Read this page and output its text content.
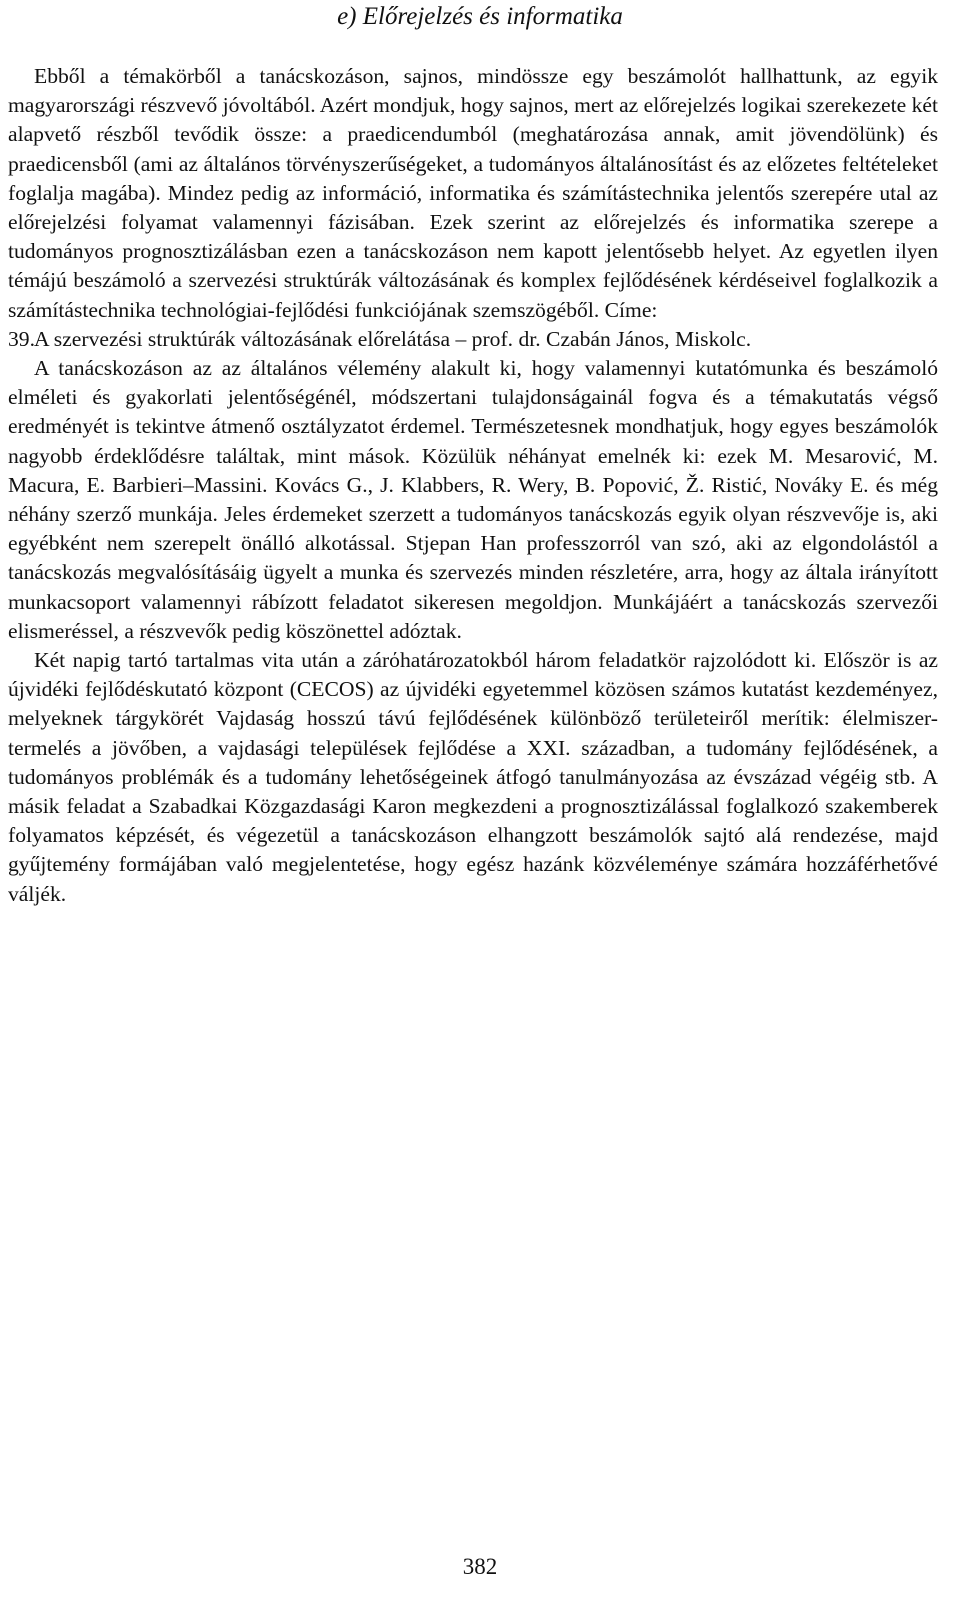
e) Előrejelzés és informatika

Ebből a témakörből a tanácskozáson, sajnos, mindössze egy beszámolót hallhattunk, az egyik magyarországi részvevő jóvoltából. Azért mondjuk, hogy sajnos, mert az előrejelzés logikai szerekezete két alapvető részből tevődik össze: a praedicendumból (meghatározása annak, amit jövendölünk) és praedicensből (ami az általános törvényszerűségeket, a tudományos általánosítást és az előzetes feltételeket foglalja magába). Mindez pedig az információ, informatika és számítástechnika jelentős szerepére utal az előrejelzési folyamat valamennyi fázisában. Ezek szerint az előrejelzés és informatika szerepe a tudományos prognosztizálásban ezen a tanácskozáson nem kapott jelentősebb helyet. Az egyetlen ilyen témájú beszámoló a szervezési struktúrák változásának és komplex fejlődésének kérdéseivel foglalkozik a számítástechnika technológiai-fejlődési funkciójának szemszögéből. Címe:

39.A szervezési struktúrák változásának előrelátása – prof. dr. Czabán János, Miskolc.

A tanácskozáson az az általános vélemény alakult ki, hogy valamennyi kutatómunka és beszámoló elméleti és gyakorlati jelentőségénél, módszertani tulajdonságainál fogva és a témakutatás végső eredményét is tekintve átmenő osztályzatot érdemel. Természetesnek mondhatjuk, hogy egyes beszámolók nagyobb érdeklődésre találtak, mint mások. Közülük néhányat emelnék ki: ezek M. Mesarović, M. Macura, E. Barbieri–Massini. Kovács G., J. Klabbers, R. Wery, B. Popović, Ž. Ristić, Nováky E. és még néhány szerző munkája. Jeles érdemeket szerzett a tudományos tanácskozás egyik olyan részvevője is, aki egyébként nem szerepelt önálló alkotással. Stjepan Han professzorról van szó, aki az elgondolástól a tanácskozás megvalósításáig ügyelt a munka és szervezés minden részletére, arra, hogy az általa irányított munkacsoport valamennyi rábízott feladatot sikeresen megoldjon. Munkájáért a tanácskozás szervezői elismeréssel, a részvevők pedig köszönettel adóztak.

Két napig tartó tartalmas vita után a zárόhatározatokból három feladatkör rajzolódott ki. Először is az újvidéki fejlődéskutató központ (CECOS) az újvidéki egyetemmel közösen számos kutatást kezdeményez, melyeknek tárgykörét Vajdaság hosszú távú fejlődésének különböző területeiről merítik: élelmiszer-termelés a jövőben, a vajdasági települések fejlődése a XXI. században, a tudomány fejlődésének, a tudományos problémák és a tudomány lehetőségeinek átfogó tanulmányozása az évszázad végéig stb. A másik feladat a Szabadkai Közgazdasági Karon megkezdeni a prognosztizálással foglalkozó szakemberek folyamatos képzését, és végezetül a tanácskozáson elhangzott beszámolók sajtó alá rendezése, majd gyűjtemény formájában való megjelentetése, hogy egész hazánk közvéleménye számára hozzáférhetővé váljék.

382
